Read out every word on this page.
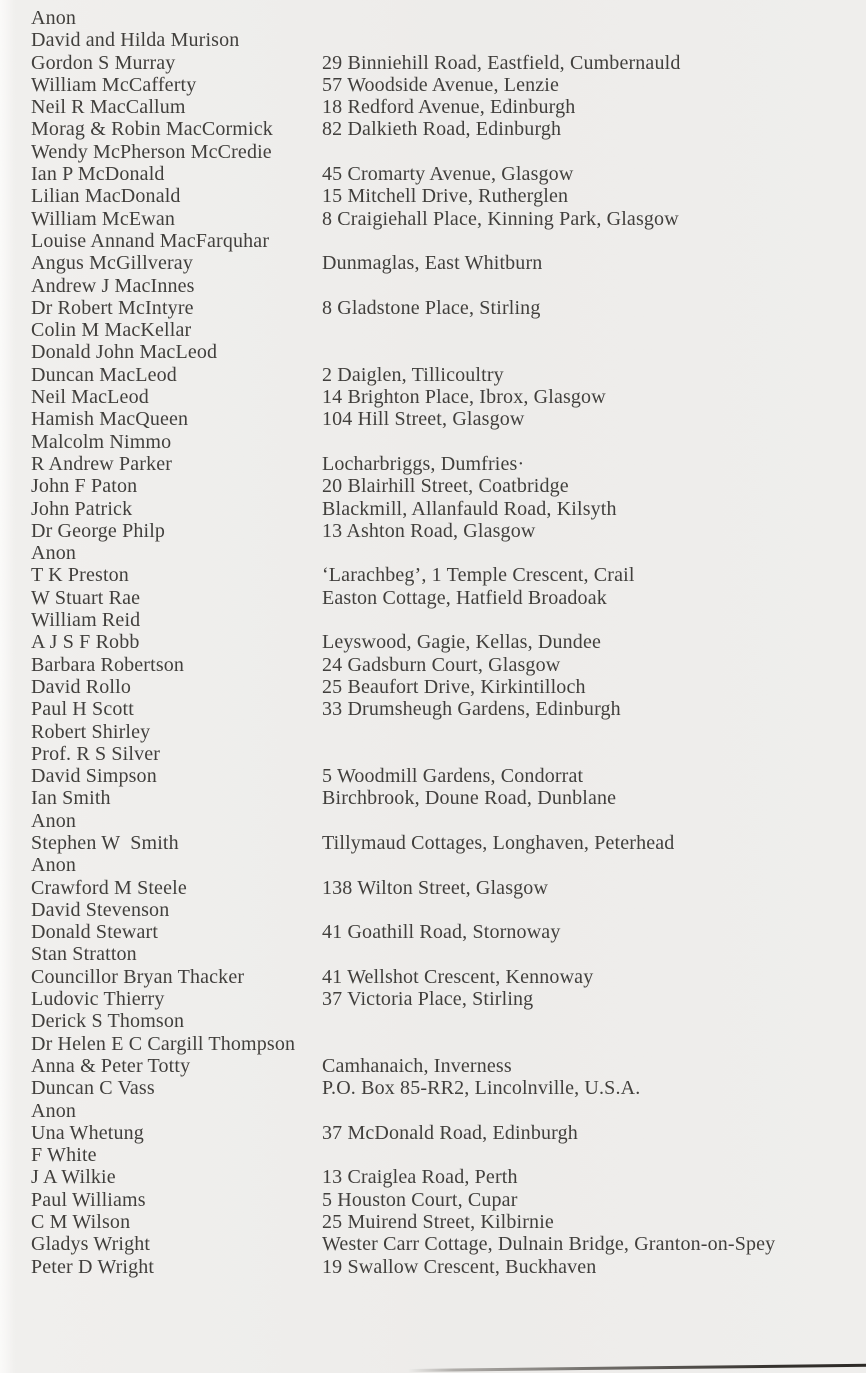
Anon
David and Hilda Murison
Gordon S Murray	29 Binniehill Road, Eastfield, Cumbernauld
William McCafferty	57 Woodside Avenue, Lenzie
Neil R MacCallum	18 Redford Avenue, Edinburgh
Morag & Robin MacCormick	82 Dalkieth Road, Edinburgh
Wendy McPherson McCredie
Ian P McDonald	45 Cromarty Avenue, Glasgow
Lilian MacDonald	15 Mitchell Drive, Rutherglen
William McEwan	8 Craigiehall Place, Kinning Park, Glasgow
Louise Annand MacFarquhar
Angus McGillveray	Dunmaglas, East Whitburn
Andrew J MacInnes
Dr Robert McIntyre	8 Gladstone Place, Stirling
Colin M MacKellar
Donald John MacLeod
Duncan MacLeod	2 Daiglen, Tillicoultry
Neil MacLeod	14 Brighton Place, Ibrox, Glasgow
Hamish MacQueen	104 Hill Street, Glasgow
Malcolm Nimmo
R Andrew Parker	Locharbriggs, Dumfries·
John F Paton	20 Blairhill Street, Coatbridge
John Patrick	Blackmill, Allanfauld Road, Kilsyth
Dr George Philp	13 Ashton Road, Glasgow
Anon
T K Preston	‘Larachbeg’, 1 Temple Crescent, Crail
W Stuart Rae	Easton Cottage, Hatfield Broadoak
William Reid
A J S F Robb	Leyswood, Gagie, Kellas, Dundee
Barbara Robertson	24 Gadsburn Court, Glasgow
David Rollo	25 Beaufort Drive, Kirkintilloch
Paul H Scott	33 Drumsheugh Gardens, Edinburgh
Robert Shirley
Prof. R S Silver
David Simpson	5 Woodmill Gardens, Condorrat
Ian Smith	Birchbrook, Doune Road, Dunblane
Anon
Stephen W  Smith	Tillymaud Cottages, Longhaven, Peterhead
Anon
Crawford M Steele	138 Wilton Street, Glasgow
David Stevenson
Donald Stewart	41 Goathill Road, Stornoway
Stan Stratton
Councillor Bryan Thacker	41 Wellshot Crescent, Kennoway
Ludovic Thierry	37 Victoria Place, Stirling
Derick S Thomson
Dr Helen E C Cargill Thompson
Anna & Peter Totty	Camhanaich, Inverness
Duncan C Vass	P.O. Box 85-RR2, Lincolnville, U.S.A.
Anon
Una Whetung	37 McDonald Road, Edinburgh
F White
J A Wilkie	13 Craiglea Road, Perth
Paul Williams	5 Houston Court, Cupar
C M Wilson	25 Muirend Street, Kilbirnie
Gladys Wright	Wester Carr Cottage, Dulnain Bridge, Granton-on-Spey
Peter D Wright	19 Swallow Crescent, Buckhaven
